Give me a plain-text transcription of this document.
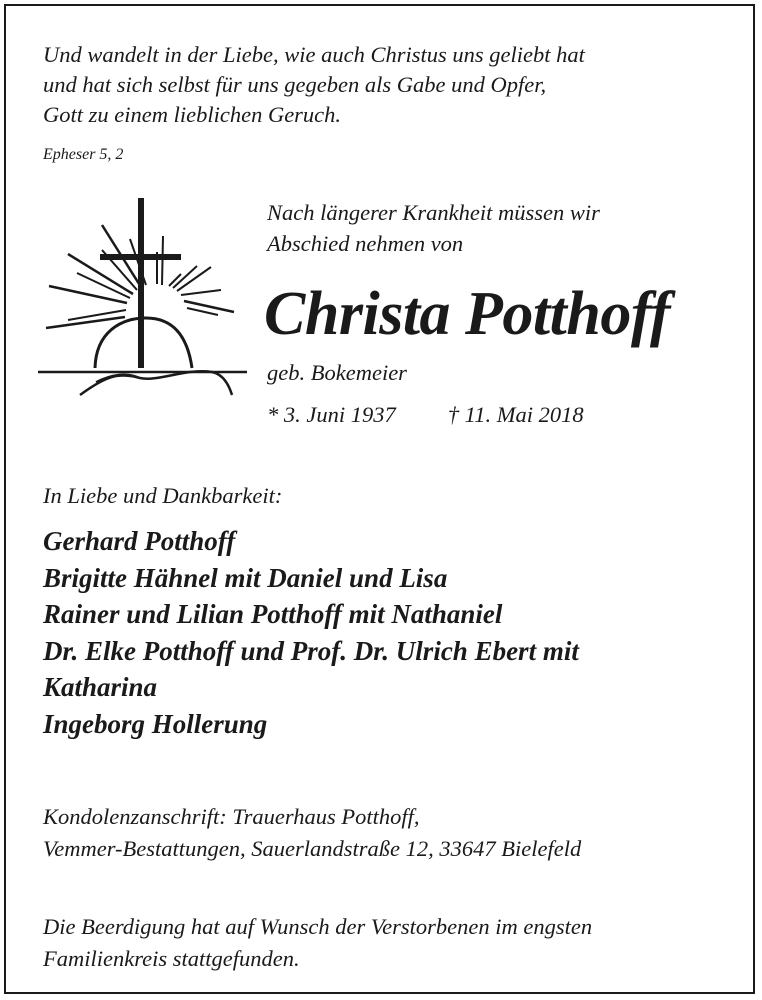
Und wandelt in der Liebe, wie auch Christus uns geliebt hat
und hat sich selbst für uns gegeben als Gabe und Opfer,
Gott zu einem lieblichen Geruch.
Epheser 5, 2
Nach längerer Krankheit müssen wir
Abschied nehmen von
Christa Potthoff
geb. Bokemeier
* 3. Juni 1937 † 11. Mai 2018
In Liebe und Dankbarkeit:
Gerhard Potthoff
Brigitte Hähnel mit Daniel und Lisa
Rainer und Lilian Potthoff mit Nathaniel
Dr. Elke Potthoff und Prof. Dr. Ulrich Ebert mit
Katharina
Ingeborg Hollerung
Kondolenzanschrift: Trauerhaus Potthoff,
Vemmer-Bestattungen, Sauerlandstraße 12, 33647 Bielefeld
Die Beerdigung hat auf Wunsch der Verstorbenen im engsten
Familienkreis stattgefunden.
